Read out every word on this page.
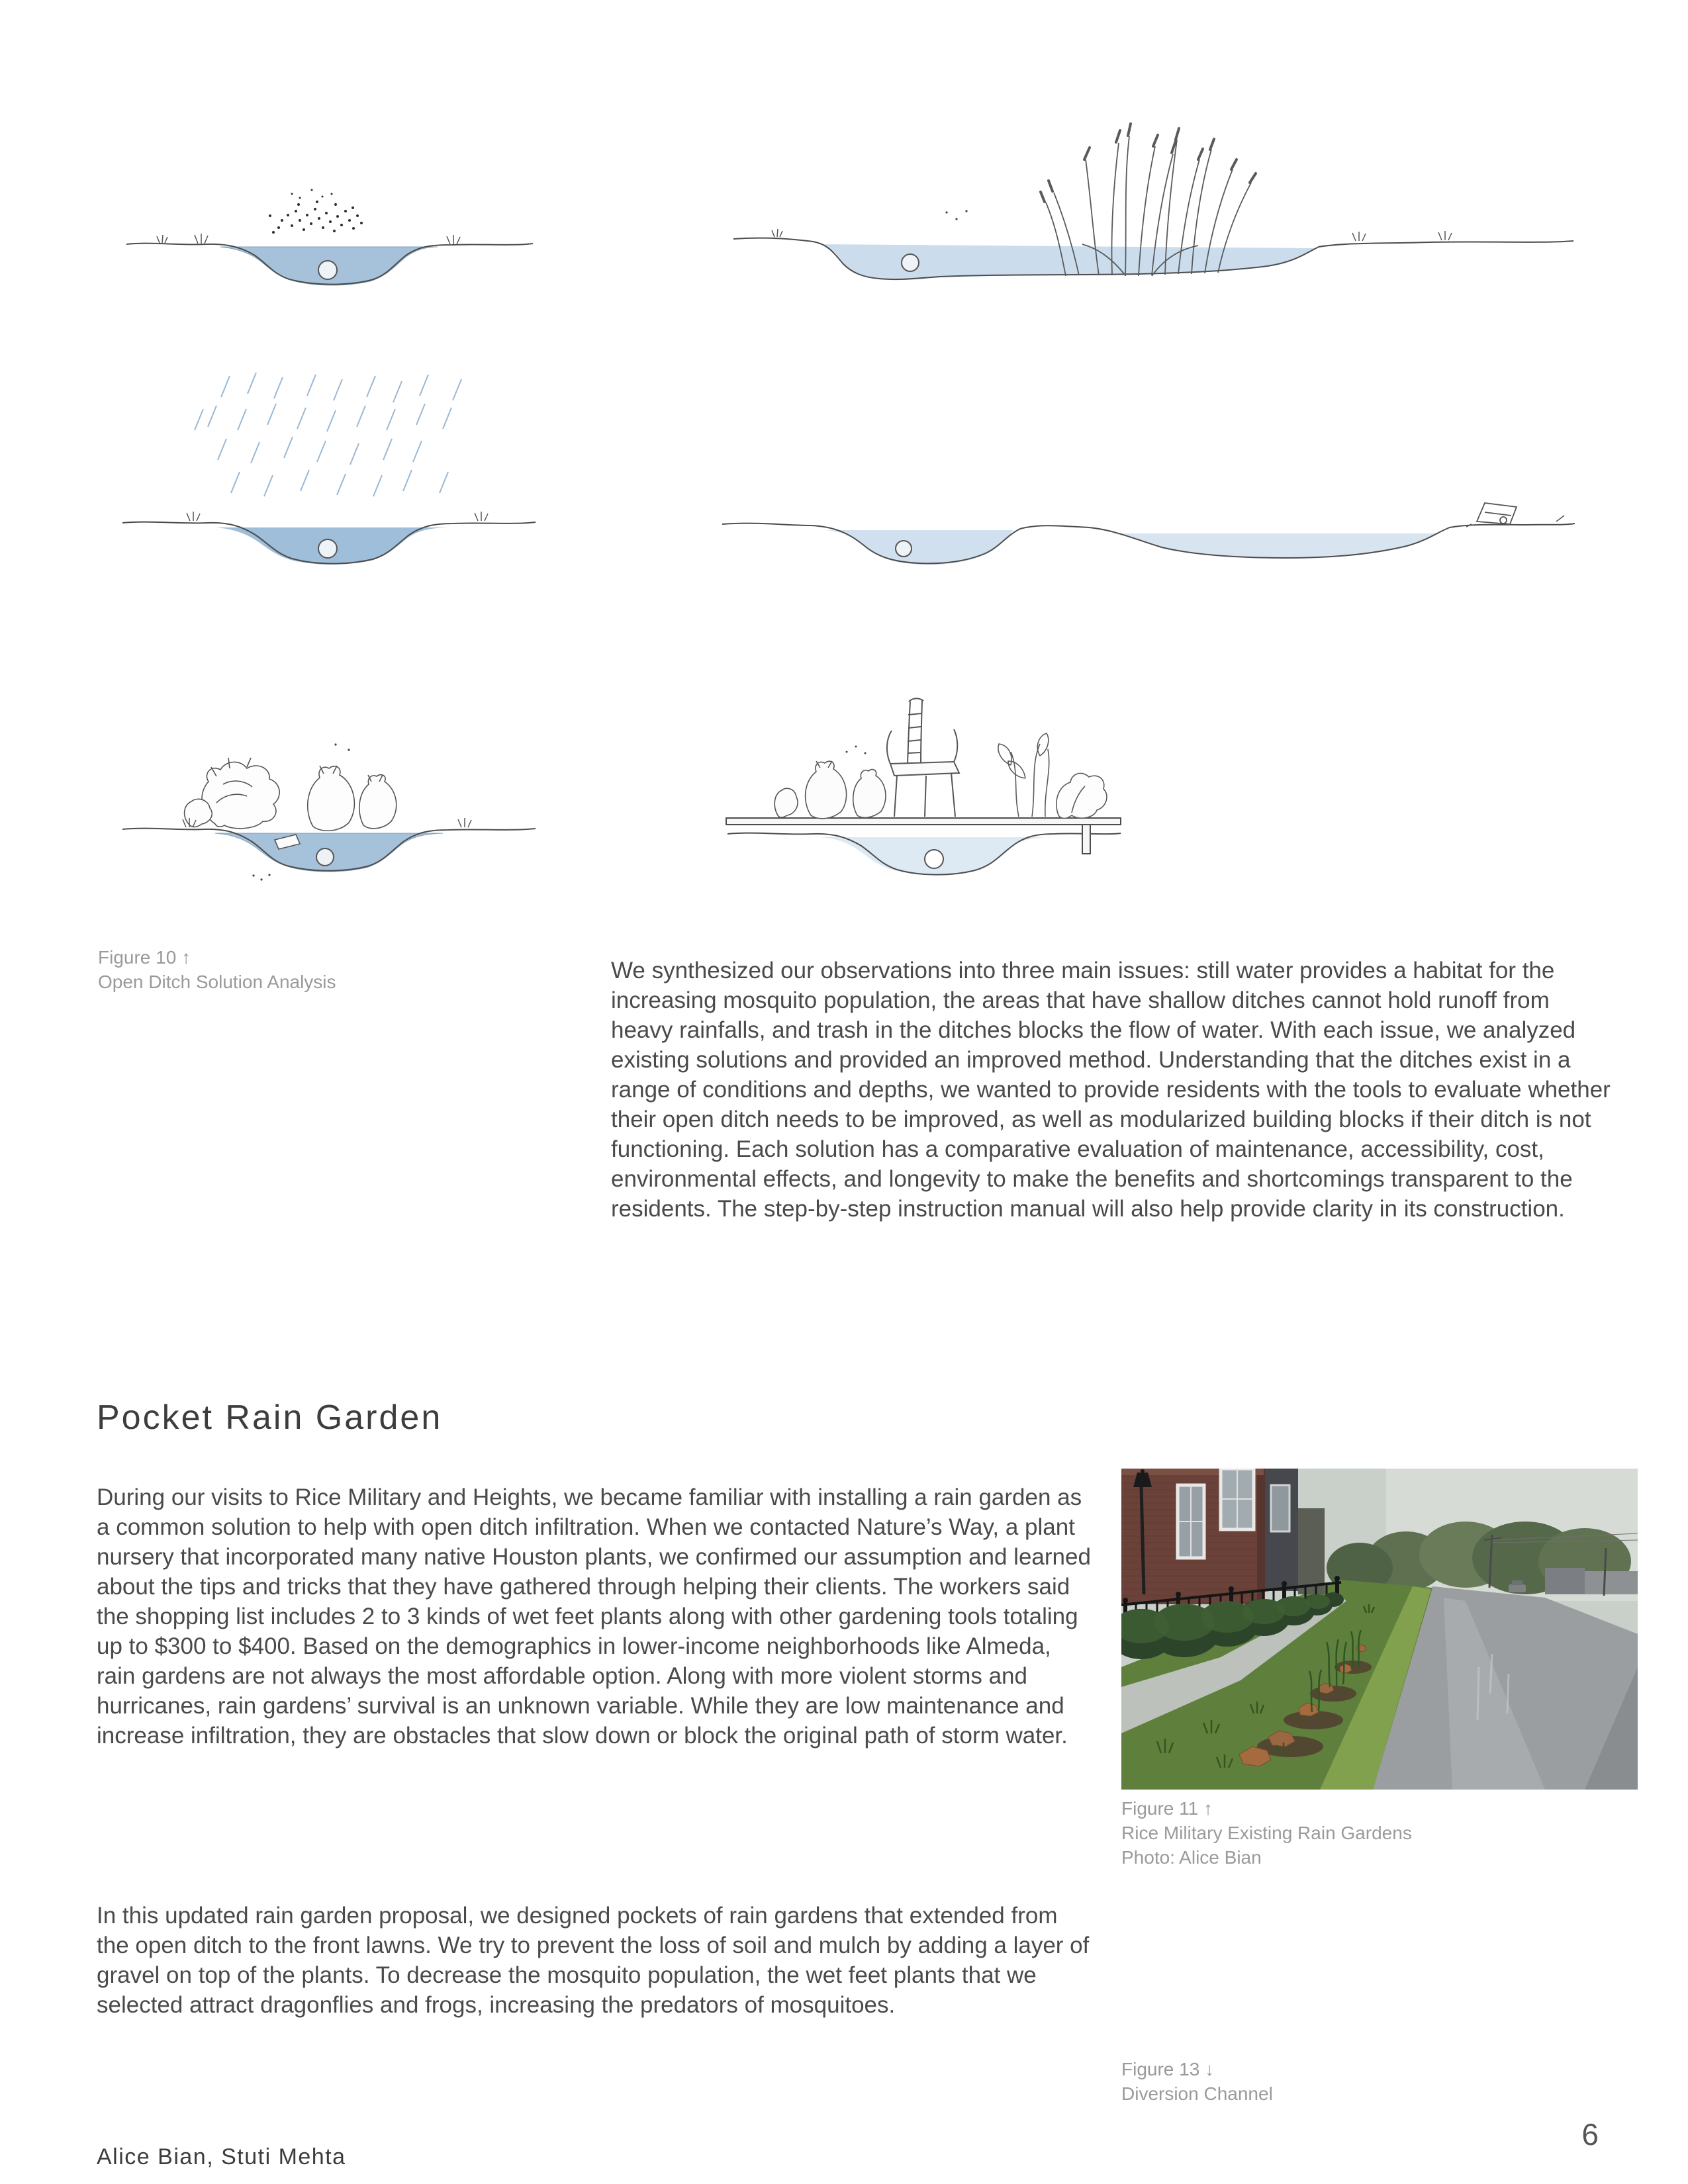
Figure 10 ↑
Open Ditch Solution Analysis	We synthesized our observations into three main issues: still water provides a habitat for the increasing mosquito population, the areas that have shallow ditches cannot hold runoff from heavy rainfalls, and trash in the ditches blocks the flow of water. With each issue, we analyzed existing solutions and provided an improved method. Understanding that the ditches exist in a range of conditions and depths, we wanted to provide residents with the tools to evaluate whether their open ditch needs to be improved, as well as modularized building blocks if their ditch is not functioning. Each solution has a comparative evaluation of maintenance, accessibility, cost, environmental effects, and longevity to make the benefits and shortcomings transparent to the residents. The step-by-step instruction manual will also help provide clarity in its construction.
Pocket Rain Garden
During our visits to Rice Military and Heights, we became familiar with installing a rain garden as a common solution to help with open ditch infiltration. When we contacted Nature’s Way, a plant nursery that incorporated many native Houston plants, we confirmed our assumption and learned about the tips and tricks that they have gathered through helping their clients. The workers said the shopping list includes 2 to 3 kinds of wet feet plants along with other gardening tools totaling up to $300 to $400. Based on the demographics in lower-income neighborhoods like Almeda, rain gardens are not always the most affordable option. Along with more violent storms and hurricanes, rain gardens’ survival is an unknown variable. While they are low maintenance and increase infiltration, they are obstacles that slow down or block the original path of storm water.
In this updated rain garden proposal, we designed pockets of rain gardens that extended from the open ditch to the front lawns. We try to prevent the loss of soil and mulch by adding a layer of gravel on top of the plants. To decrease the mosquito population, the wet feet plants that we selected attract dragonflies and frogs, increasing the predators of mosquitoes.
Figure 11 ↑
Rice Military Existing Rain Gardens
Photo: Alice Bian
Figure 13 ↓
Diversion Channel
Alice Bian, Stuti Mehta
6
